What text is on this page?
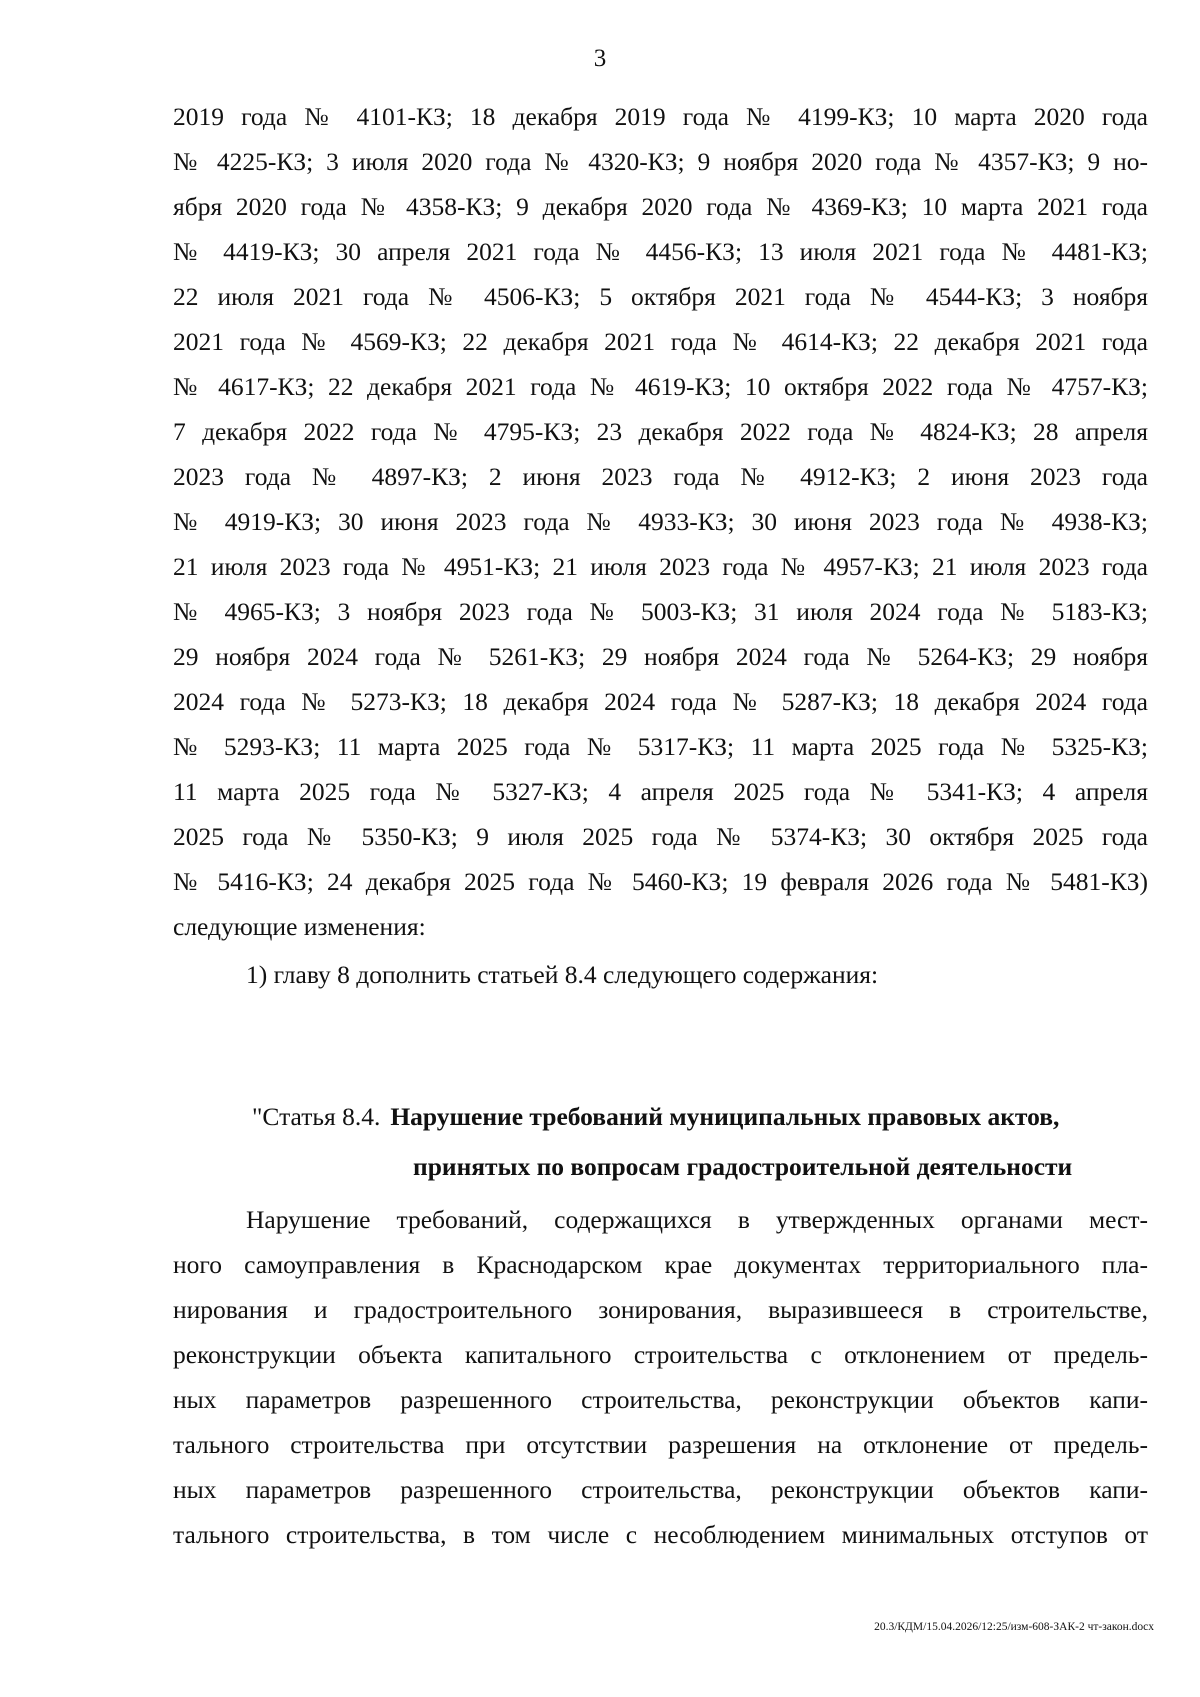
3
2019 года № 4101-КЗ; 18 декабря 2019 года № 4199-КЗ; 10 марта 2020 года
№ 4225-КЗ; 3 июля 2020 года № 4320-КЗ; 9 ноября 2020 года № 4357-КЗ; 9 но-
ября 2020 года № 4358-КЗ; 9 декабря 2020 года № 4369-КЗ; 10 марта 2021 года
№ 4419-КЗ; 30 апреля 2021 года № 4456-КЗ; 13 июля 2021 года № 4481-КЗ;
22 июля 2021 года № 4506-КЗ; 5 октября 2021 года № 4544-КЗ; 3 ноября
2021 года № 4569-КЗ; 22 декабря 2021 года № 4614-КЗ; 22 декабря 2021 года
№ 4617-КЗ; 22 декабря 2021 года № 4619-КЗ; 10 октября 2022 года № 4757-КЗ;
7 декабря 2022 года № 4795-КЗ; 23 декабря 2022 года № 4824-КЗ; 28 апреля
2023 года № 4897-КЗ; 2 июня 2023 года № 4912-КЗ; 2 июня 2023 года
№ 4919-КЗ; 30 июня 2023 года № 4933-КЗ; 30 июня 2023 года № 4938-КЗ;
21 июля 2023 года № 4951-КЗ; 21 июля 2023 года № 4957-КЗ; 21 июля 2023 года
№ 4965-КЗ; 3 ноября 2023 года № 5003-КЗ; 31 июля 2024 года № 5183-КЗ;
29 ноября 2024 года № 5261-КЗ; 29 ноября 2024 года № 5264-КЗ; 29 ноября
2024 года № 5273-КЗ; 18 декабря 2024 года № 5287-КЗ; 18 декабря 2024 года
№ 5293-КЗ; 11 марта 2025 года № 5317-КЗ; 11 марта 2025 года № 5325-КЗ;
11 марта 2025 года № 5327-КЗ; 4 апреля 2025 года № 5341-КЗ; 4 апреля
2025 года № 5350-КЗ; 9 июля 2025 года № 5374-КЗ; 30 октября 2025 года
№ 5416-КЗ; 24 декабря 2025 года № 5460-КЗ; 19 февраля 2026 года № 5481-КЗ)
следующие изменения:
1) главу 8 дополнить статьей 8.4 следующего содержания:
"Статья 8.4. Нарушение требований муниципальных правовых актов,
принятых по вопросам градостроительной деятельности
Нарушение требований, содержащихся в утвержденных органами мест-
ного самоуправления в Краснодарском крае документах территориального пла-
нирования и градостроительного зонирования, выразившееся в строительстве,
реконструкции объекта капитального строительства с отклонением от предель-
ных параметров разрешенного строительства, реконструкции объектов капи-
тального строительства при отсутствии разрешения на отклонение от предель-
ных параметров разрешенного строительства, реконструкции объектов капи-
тального строительства, в том числе с несоблюдением минимальных отступов от
20.3/КДМ/15.04.2026/12:25/изм-608-ЗАК-2 чт-закон.docx
